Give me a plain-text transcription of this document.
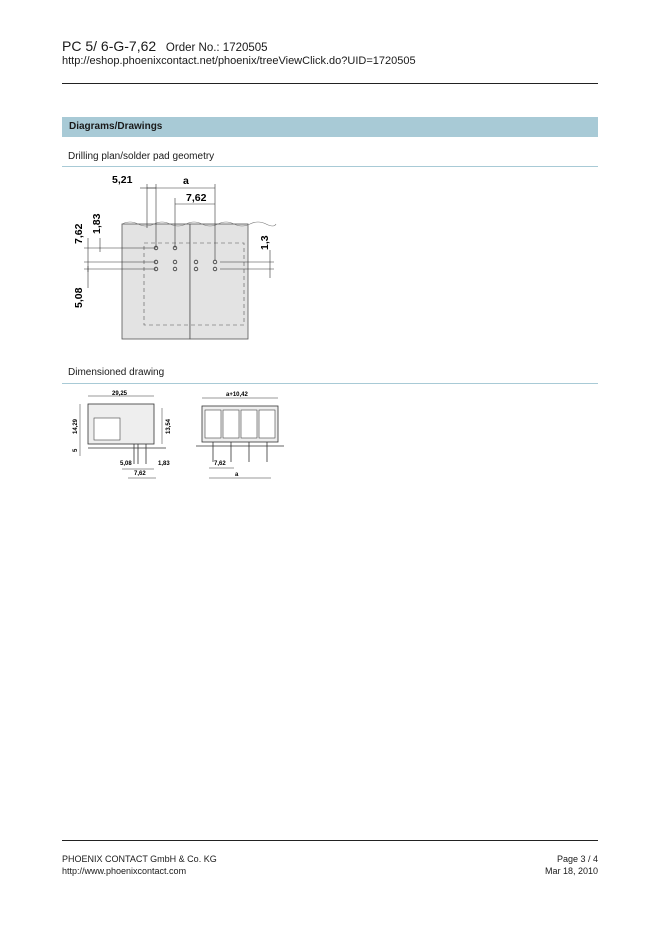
PC 5/ 6-G-7,62 Order No.: 1720505
http://eshop.phoenixcontact.net/phoenix/treeViewClick.do?UID=1720505
Diagrams/Drawings
Drilling plan/solder pad geometry
5,21	a
7,62
7,62 1,83
5,08
1,3
Dimensioned drawing
29,25
14,29	13,54
5
5,08	1,83
7,62
a+10,42
7,62
a
PHOENIX CONTACT GmbH & Co. KG
http://www.phoenixcontact.com
Page 3 / 4
Mar 18, 2010
